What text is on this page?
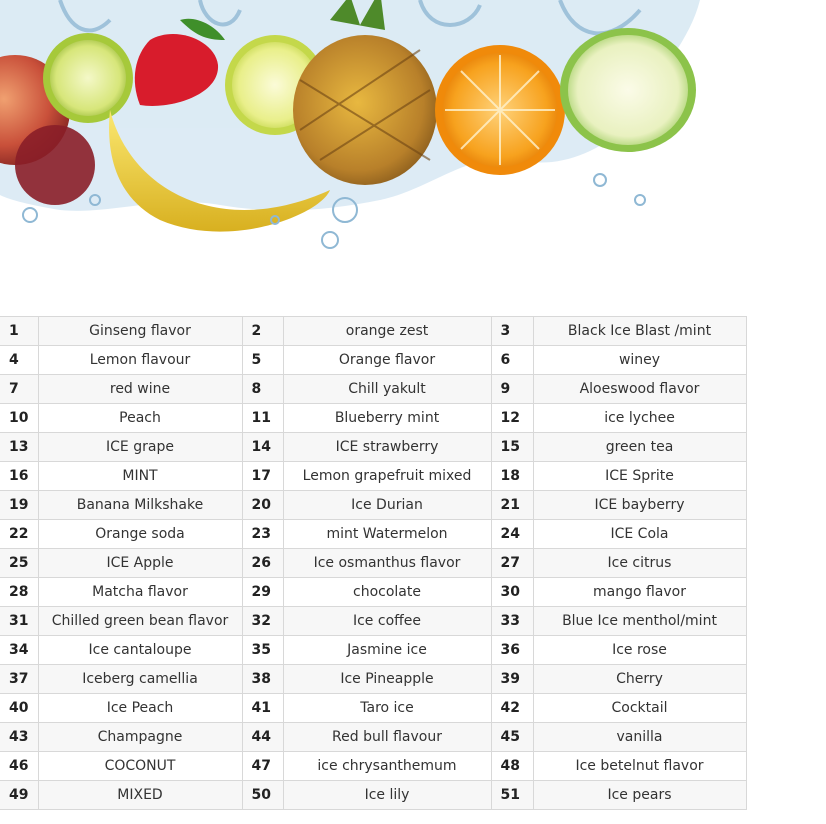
1	Ginseng flavor	2	orange zest	3	Black Ice Blast /mint
4	Lemon flavour	5	Orange flavor	6	winey
7	red wine	8	Chill yakult	9	Aloeswood flavor
10	Peach	11	Blueberry mint	12	ice lychee
13	ICE grape	14	ICE strawberry	15	green tea
16	MINT	17	Lemon grapefruit mixed	18	ICE Sprite
19	Banana Milkshake	20	Ice Durian	21	ICE bayberry
22	Orange soda	23	mint Watermelon	24	ICE Cola
25	ICE Apple	26	Ice osmanthus flavor	27	Ice citrus
28	Matcha flavor	29	chocolate	30	mango flavor
31	Chilled green bean flavor	32	Ice coffee	33	Blue Ice menthol/mint
34	Ice cantaloupe	35	Jasmine ice	36	Ice rose
37	Iceberg camellia	38	Ice Pineapple	39	Cherry
40	Ice Peach	41	Taro ice	42	Cocktail
43	Champagne	44	Red bull flavour	45	vanilla
46	COCONUT	47	ice chrysanthemum	48	Ice betelnut flavor
49	MIXED	50	Ice lily	51	Ice pears
